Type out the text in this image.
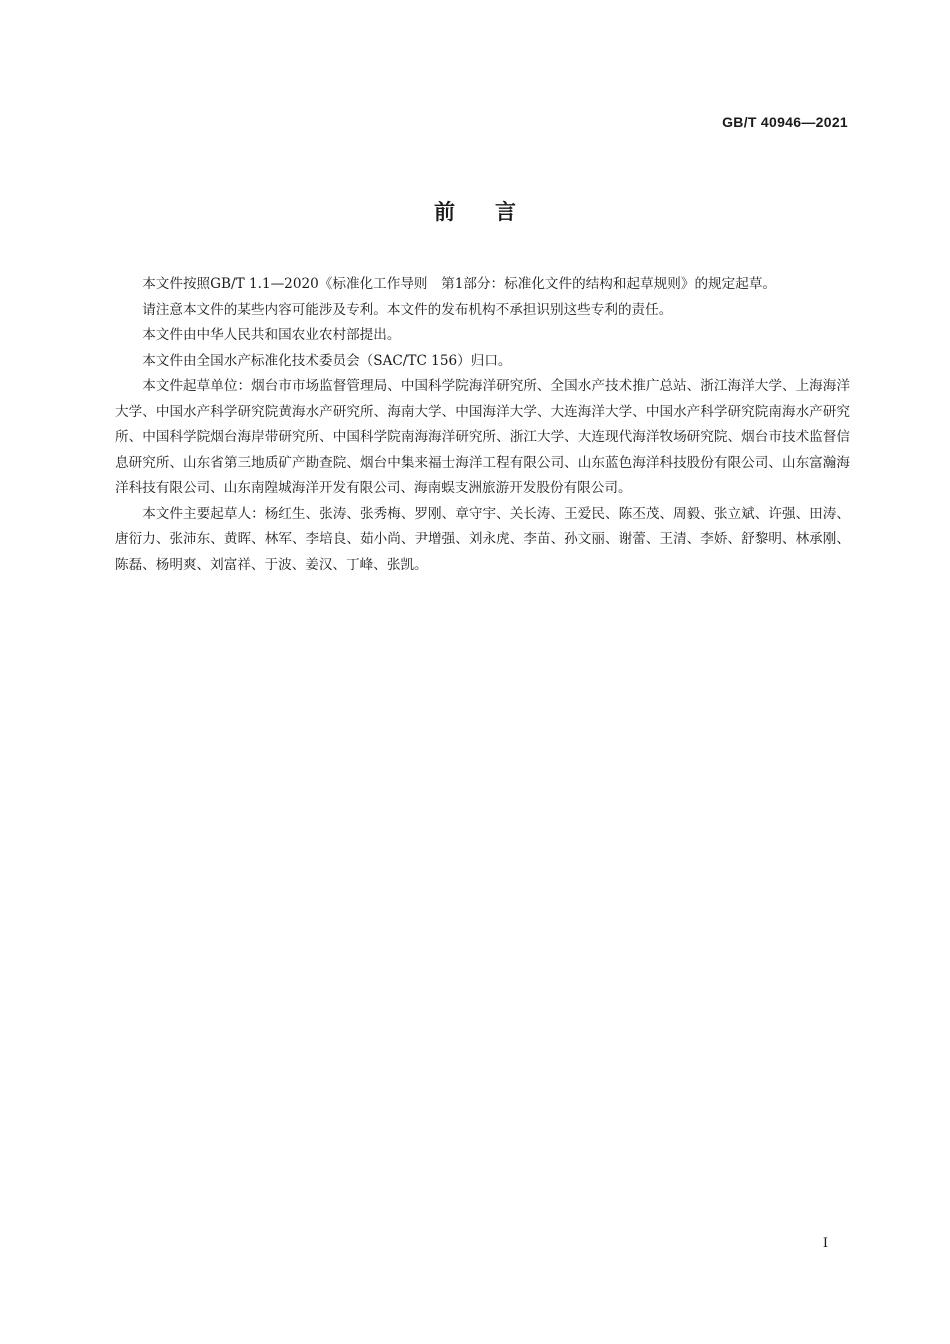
GB/T 40946—2021
前言

本文件按照GB/T 1.1—2020《标准化工作导则　第1部分：标准化文件的结构和起草规则》的规定起草。

请注意本文件的某些内容可能涉及专利。本文件的发布机构不承担识别这些专利的责任。

本文件由中华人民共和国农业农村部提出。

本文件由全国水产标准化技术委员会（SAC/TC 156）归口。

本文件起草单位：烟台市市场监督管理局、中国科学院海洋研究所、全国水产技术推广总站、浙江海洋大学、上海海洋大学、中国水产科学研究院黄海水产研究所、海南大学、中国海洋大学、大连海洋大学、中国水产科学研究院南海水产研究所、中国科学院烟台海岸带研究所、中国科学院南海海洋研究所、浙江大学、大连现代海洋牧场研究院、烟台市技术监督信息研究所、山东省第三地质矿产勘查院、烟台中集来福士海洋工程有限公司、山东蓝色海洋科技股份有限公司、山东富瀚海洋科技有限公司、山东南隍城海洋开发有限公司、海南蜈支洲旅游开发股份有限公司。

本文件主要起草人：杨红生、张涛、张秀梅、罗刚、章守宇、关长涛、王爱民、陈丕茂、周毅、张立斌、许强、田涛、唐衍力、张沛东、黄晖、林军、李培良、茹小尚、尹增强、刘永虎、李苗、孙文丽、谢蕾、王清、李娇、舒黎明、林承刚、陈磊、杨明爽、刘富祥、于波、姜汉、丁峰、张凯。

I
